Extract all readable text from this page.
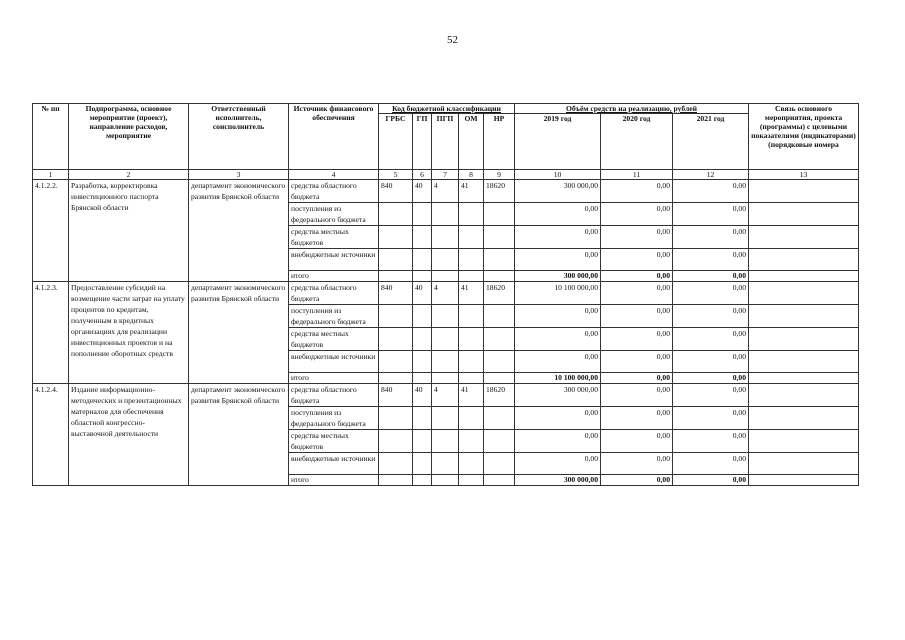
52
№ пп	Подпрограмма, основное мероприятие (проект), направление расходов, мероприятие	Ответственный исполнитель, соисполнитель	Источник финансового обеспечения	Код бюджетной классификации					Объём средств на реализацию, рублей			Связь основного мероприятия, проекта (программы) с целевыми показателями (индикаторами) (порядковые номера
				ГРБС	ГП	ПГП	ОМ	НР	2019 год	2020 год	2021 год	
1	2	3	4	5	6	7	8	9	10	11	12	13
4.1.2.2.	Разработка, корректировка инвестиционного паспорта Брянской области	департамент экономического развития Брянской области	средства областного бюджета	840	40	4	41	18620	300 000,00	0,00	0,00	
			поступления из федерального бюджета						0,00	0,00	0,00	
			средства местных бюджетов						0,00	0,00	0,00	
			внебюджетные источники						0,00	0,00	0,00	
			итого						300 000,00	0,00	0,00	
4.1.2.3.	Предоставление субсидий на возмещение части затрат на уплату процентов по кредитам, полученным в кредитных организациях для реализации инвестиционных проектов и на пополнение оборотных средств	департамент экономического развития Брянской области	средства областного бюджета	840	40	4	41	18620	10 100 000,00	0,00	0,00	
			поступления из федерального бюджета						0,00	0,00	0,00	
			средства местных бюджетов						0,00	0,00	0,00	
			внебюджетные источники						0,00	0,00	0,00	
			итого						10 100 000,00	0,00	0,00	
4.1.2.4.	Издание информационно-методических и презентационных материалов для обеспечения областной конгрессно-выставочной деятельности	департамент экономического развития Брянской области	средства областного бюджета	840	40	4	41	18620	300 000,00	0,00	0,00	
			поступления из федерального бюджета						0,00	0,00	0,00	
			средства местных бюджетов						0,00	0,00	0,00	
			внебюджетные источники						0,00	0,00	0,00	
			итого						300 000,00	0,00	0,00	
